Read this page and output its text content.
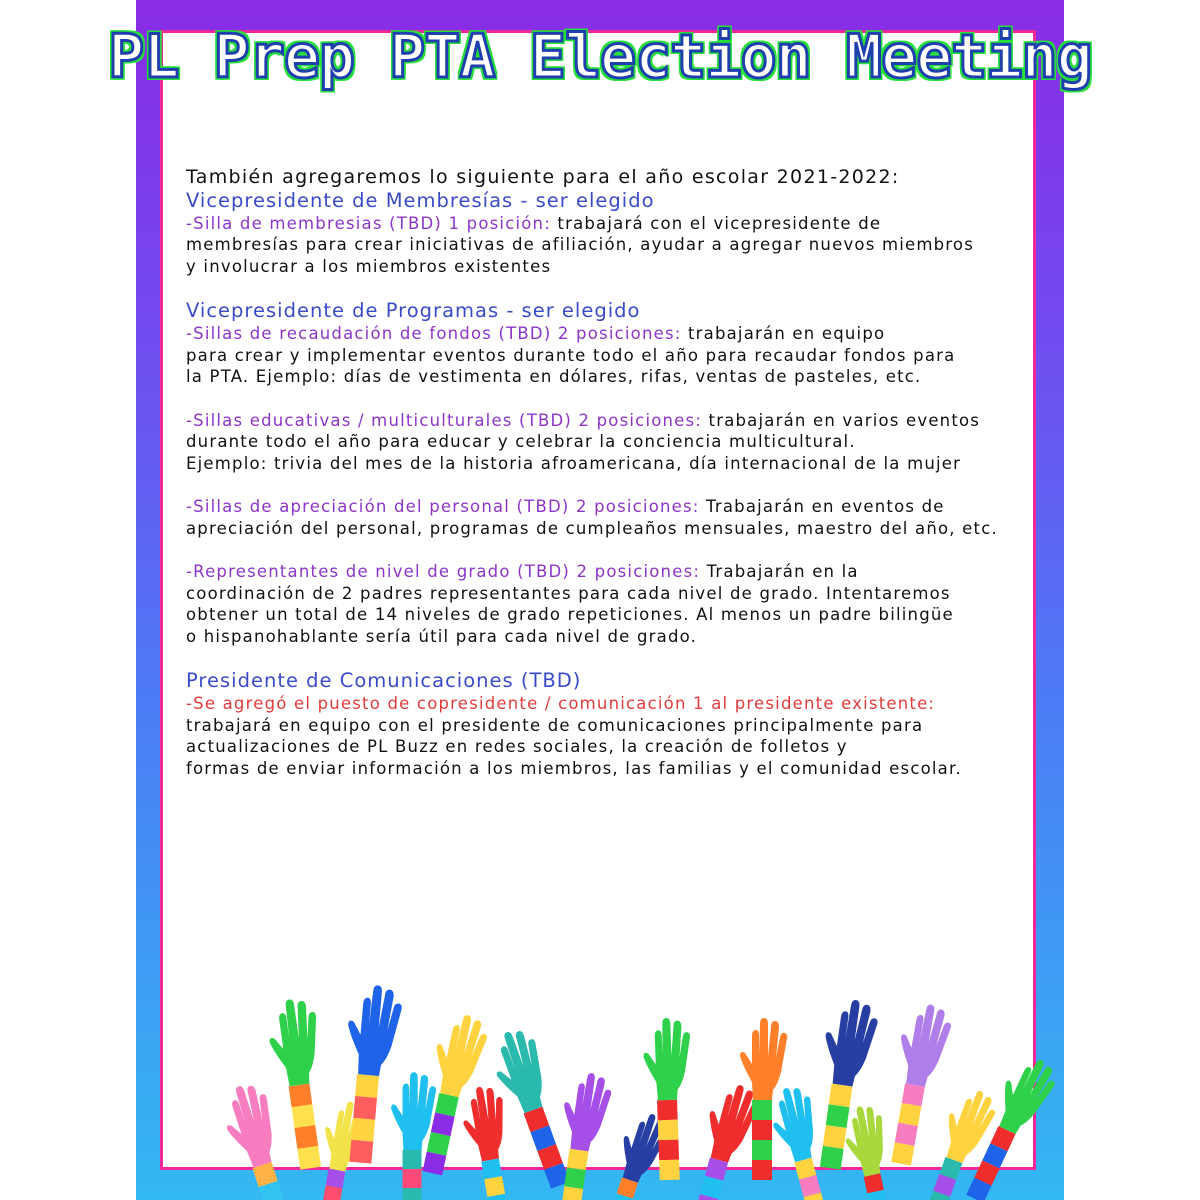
PL Prep PTA Election Meeting

También agregaremos lo siguiente para el año escolar 2021-2022:

Vicepresidente de Membresías - ser elegido

-Silla de membresias (TBD) 1 posición: trabajará con el vicepresidente de

membresías para crear iniciativas de afiliación, ayudar a agregar nuevos miembros

y involucrar a los miembros existentes

Vicepresidente de Programas - ser elegido

-Sillas de recaudación de fondos (TBD) 2 posiciones: trabajarán en equipo

para crear y implementar eventos durante todo el año para recaudar fondos para

la PTA. Ejemplo: días de vestimenta en dólares, rifas, ventas de pasteles, etc.

-Sillas educativas / multiculturales (TBD) 2 posiciones: trabajarán en varios eventos

durante todo el año para educar y celebrar la conciencia multicultural.

Ejemplo: trivia del mes de la historia afroamericana, día internacional de la mujer

-Sillas de apreciación del personal (TBD) 2 posiciones: Trabajarán en eventos de

apreciación del personal, programas de cumpleaños mensuales, maestro del año, etc.

-Representantes de nivel de grado (TBD) 2 posiciones: Trabajarán en la

coordinación de 2 padres representantes para cada nivel de grado. Intentaremos

obtener un total de 14 niveles de grado repeticiones. Al menos un padre bilingüe

o hispanohablante sería útil para cada nivel de grado.

Presidente de Comunicaciones (TBD)

-Se agregó el puesto de copresidente / comunicación 1 al presidente existente:

trabajará en equipo con el presidente de comunicaciones principalmente para

actualizaciones de PL Buzz en redes sociales, la creación de folletos y

formas de enviar información a los miembros, las familias y el comunidad escolar.
